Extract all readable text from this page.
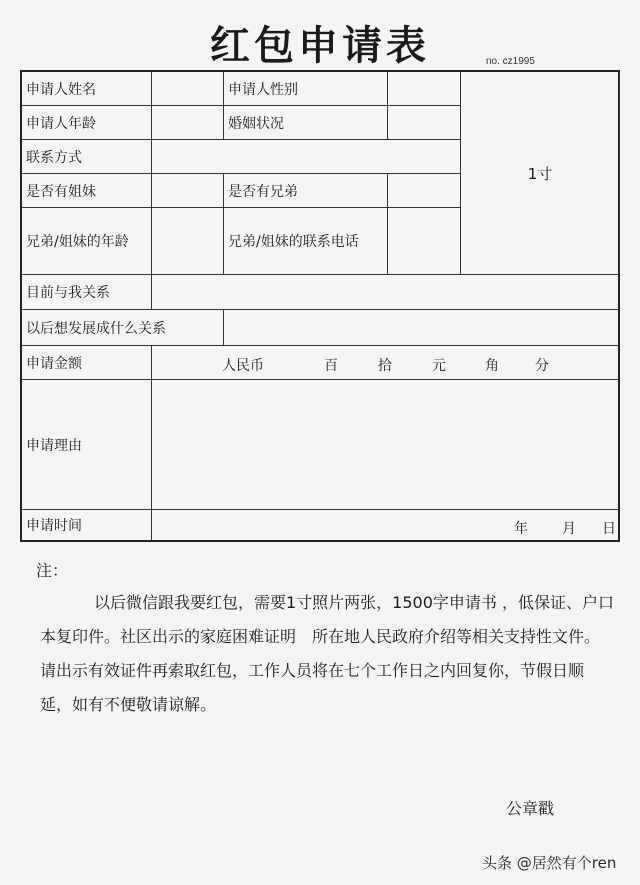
红包申请表	no. cz1995
申请人姓名	申请人性别
1寸
申请人年龄	婚姻状况
联系方式
是否有姐妹	是否有兄弟
兄弟/姐妹的年龄	兄弟/姐妹的联系电话
目前与我关系
以后想发展成什么关系
申请金额	人民币	百	拾	元	角	分
申请理由
申请时间	年 月 日
注：
以后微信跟我要红包，需要1寸照片两张，1500字申请书 ，低保证、户口本复印件。社区出示的家庭困难证明　所在地人民政府介绍等相关支持性文件。　请出示有效证件再索取红包，工作人员将在七个工作日之内回复你，节假日顺延，如有不便敬请谅解。
公章戳
头条 @居然有个ren
